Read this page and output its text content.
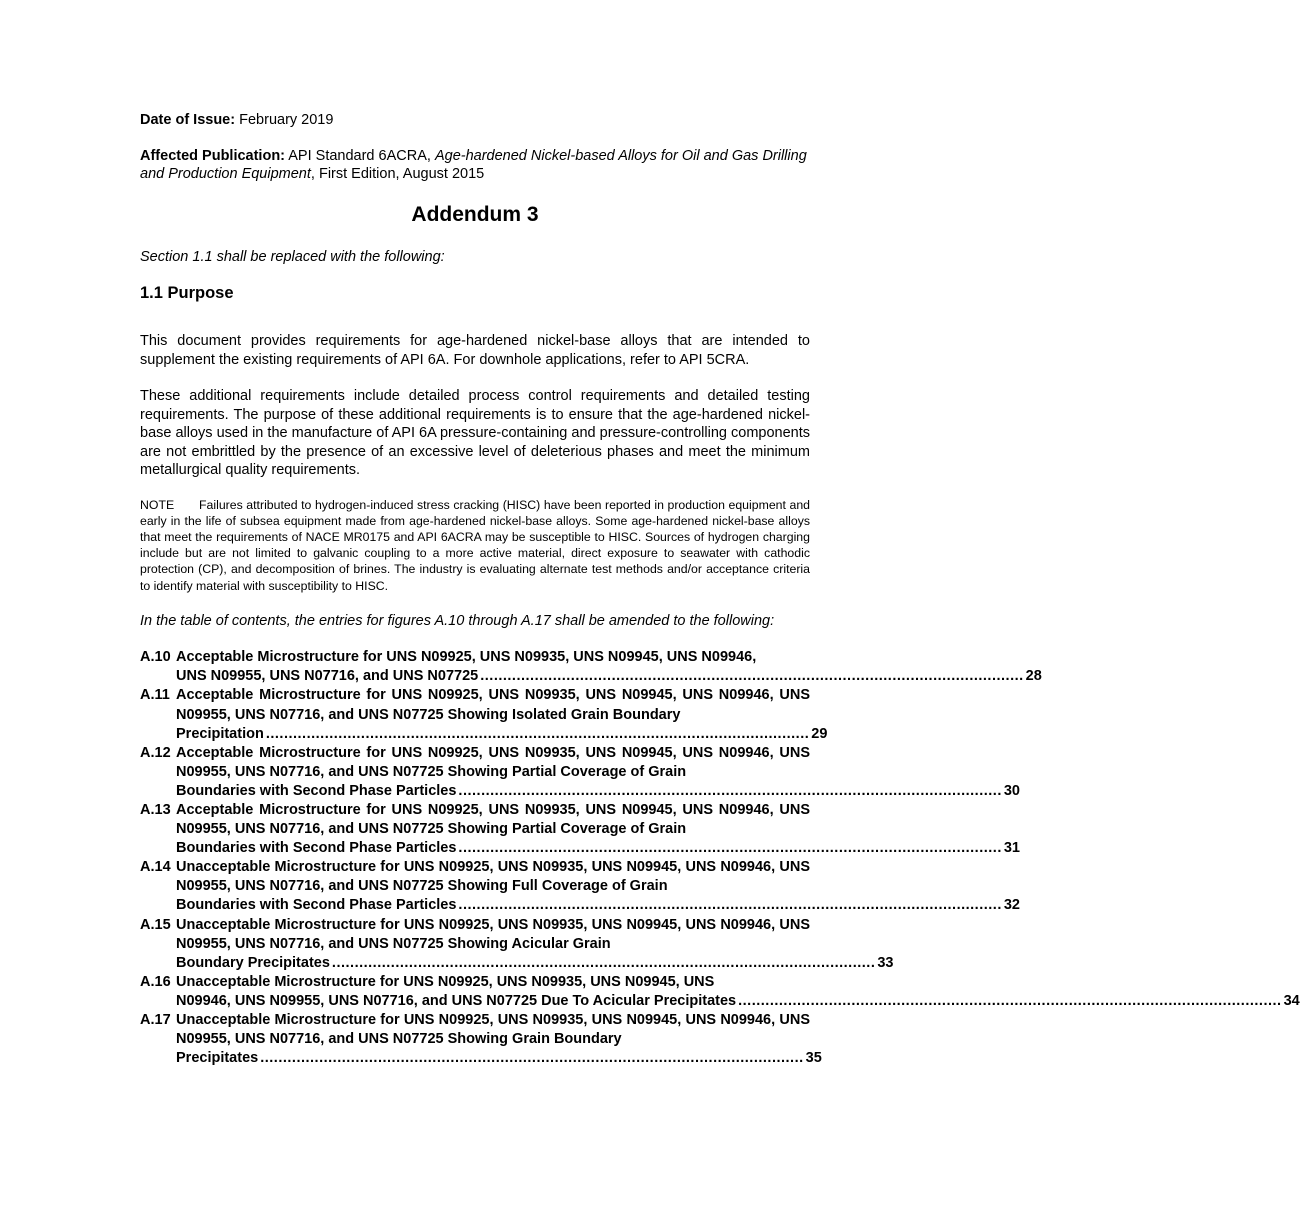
Date of Issue: February 2019

Affected Publication: API Standard 6ACRA, Age-hardened Nickel-based Alloys for Oil and Gas Drilling and Production Equipment, First Edition, August 2015

Addendum 3

Section 1.1 shall be replaced with the following:

1.1 Purpose

This document provides requirements for age-hardened nickel-base alloys that are intended to supplement the existing requirements of API 6A. For downhole applications, refer to API 5CRA.

These additional requirements include detailed process control requirements and detailed testing requirements. The purpose of these additional requirements is to ensure that the age-hardened nickel-base alloys used in the manufacture of API 6A pressure-containing and pressure-controlling components are not embrittled by the presence of an excessive level of deleterious phases and meet the minimum metallurgical quality requirements.

NOTE Failures attributed to hydrogen-induced stress cracking (HISC) have been reported in production equipment and early in the life of subsea equipment made from age-hardened nickel-base alloys. Some age-hardened nickel-base alloys that meet the requirements of NACE MR0175 and API 6ACRA may be susceptible to HISC. Sources of hydrogen charging include but are not limited to galvanic coupling to a more active material, direct exposure to seawater with cathodic protection (CP), and decomposition of brines. The industry is evaluating alternate test methods and/or acceptance criteria to identify material with susceptibility to HISC.

In the table of contents, the entries for figures A.10 through A.17 shall be amended to the following:

A.10 Acceptable Microstructure for UNS N09925, UNS N09935, UNS N09945, UNS N09946,
UNS N09955, UNS N07716, and UNS N07725 ........................................................................................................................ 28
A.11 Acceptable Microstructure for UNS N09925, UNS N09935, UNS N09945, UNS N09946, UNS N09955, UNS N07716, and UNS N07725 Showing Isolated Grain Boundary
Precipitation ........................................................................................................................ 29
A.12 Acceptable Microstructure for UNS N09925, UNS N09935, UNS N09945, UNS N09946, UNS N09955, UNS N07716, and UNS N07725 Showing Partial Coverage of Grain
Boundaries with Second Phase Particles ........................................................................................................................ 30
A.13 Acceptable Microstructure for UNS N09925, UNS N09935, UNS N09945, UNS N09946, UNS N09955, UNS N07716, and UNS N07725 Showing Partial Coverage of Grain
Boundaries with Second Phase Particles ........................................................................................................................ 31
A.14 Unacceptable Microstructure for UNS N09925, UNS N09935, UNS N09945, UNS N09946, UNS N09955, UNS N07716, and UNS N07725 Showing Full Coverage of Grain
Boundaries with Second Phase Particles ........................................................................................................................ 32
A.15 Unacceptable Microstructure for UNS N09925, UNS N09935, UNS N09945, UNS N09946, UNS N09955, UNS N07716, and UNS N07725 Showing Acicular Grain
Boundary Precipitates ........................................................................................................................ 33
A.16 Unacceptable Microstructure for UNS N09925, UNS N09935, UNS N09945, UNS
N09946, UNS N09955, UNS N07716, and UNS N07725 Due To Acicular Precipitates ........................................................................................................................ 34
A.17 Unacceptable Microstructure for UNS N09925, UNS N09935, UNS N09945, UNS N09946, UNS N09955, UNS N07716, and UNS N07725 Showing Grain Boundary
Precipitates ........................................................................................................................ 35
